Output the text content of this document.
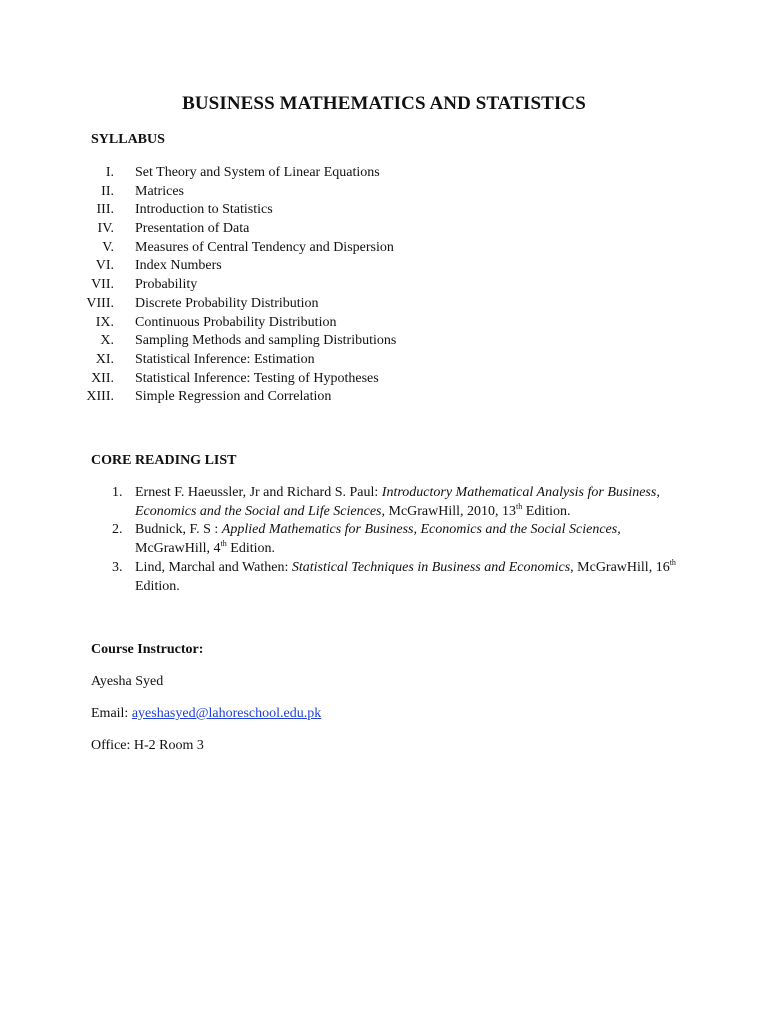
BUSINESS MATHEMATICS AND STATISTICS
SYLLABUS
I. Set Theory and System of Linear Equations
II. Matrices
III. Introduction to Statistics
IV. Presentation of Data
V. Measures of Central Tendency and Dispersion
VI. Index Numbers
VII. Probability
VIII. Discrete Probability Distribution
IX. Continuous Probability Distribution
X. Sampling Methods and sampling Distributions
XI. Statistical Inference: Estimation
XII. Statistical Inference: Testing of Hypotheses
XIII. Simple Regression and Correlation
CORE READING LIST
1. Ernest F. Haeussler, Jr and Richard S. Paul: Introductory Mathematical Analysis for Business, Economics and the Social and Life Sciences, McGrawHill, 2010, 13th Edition.
2. Budnick, F. S : Applied Mathematics for Business, Economics and the Social Sciences,
McGrawHill, 4th Edition.
3. Lind, Marchal and Wathen: Statistical Techniques in Business and Economics, McGrawHill, 16th Edition.
Course Instructor:
Ayesha Syed
Email: ayeshasyed@lahoreschool.edu.pk
Office: H-2 Room 3
